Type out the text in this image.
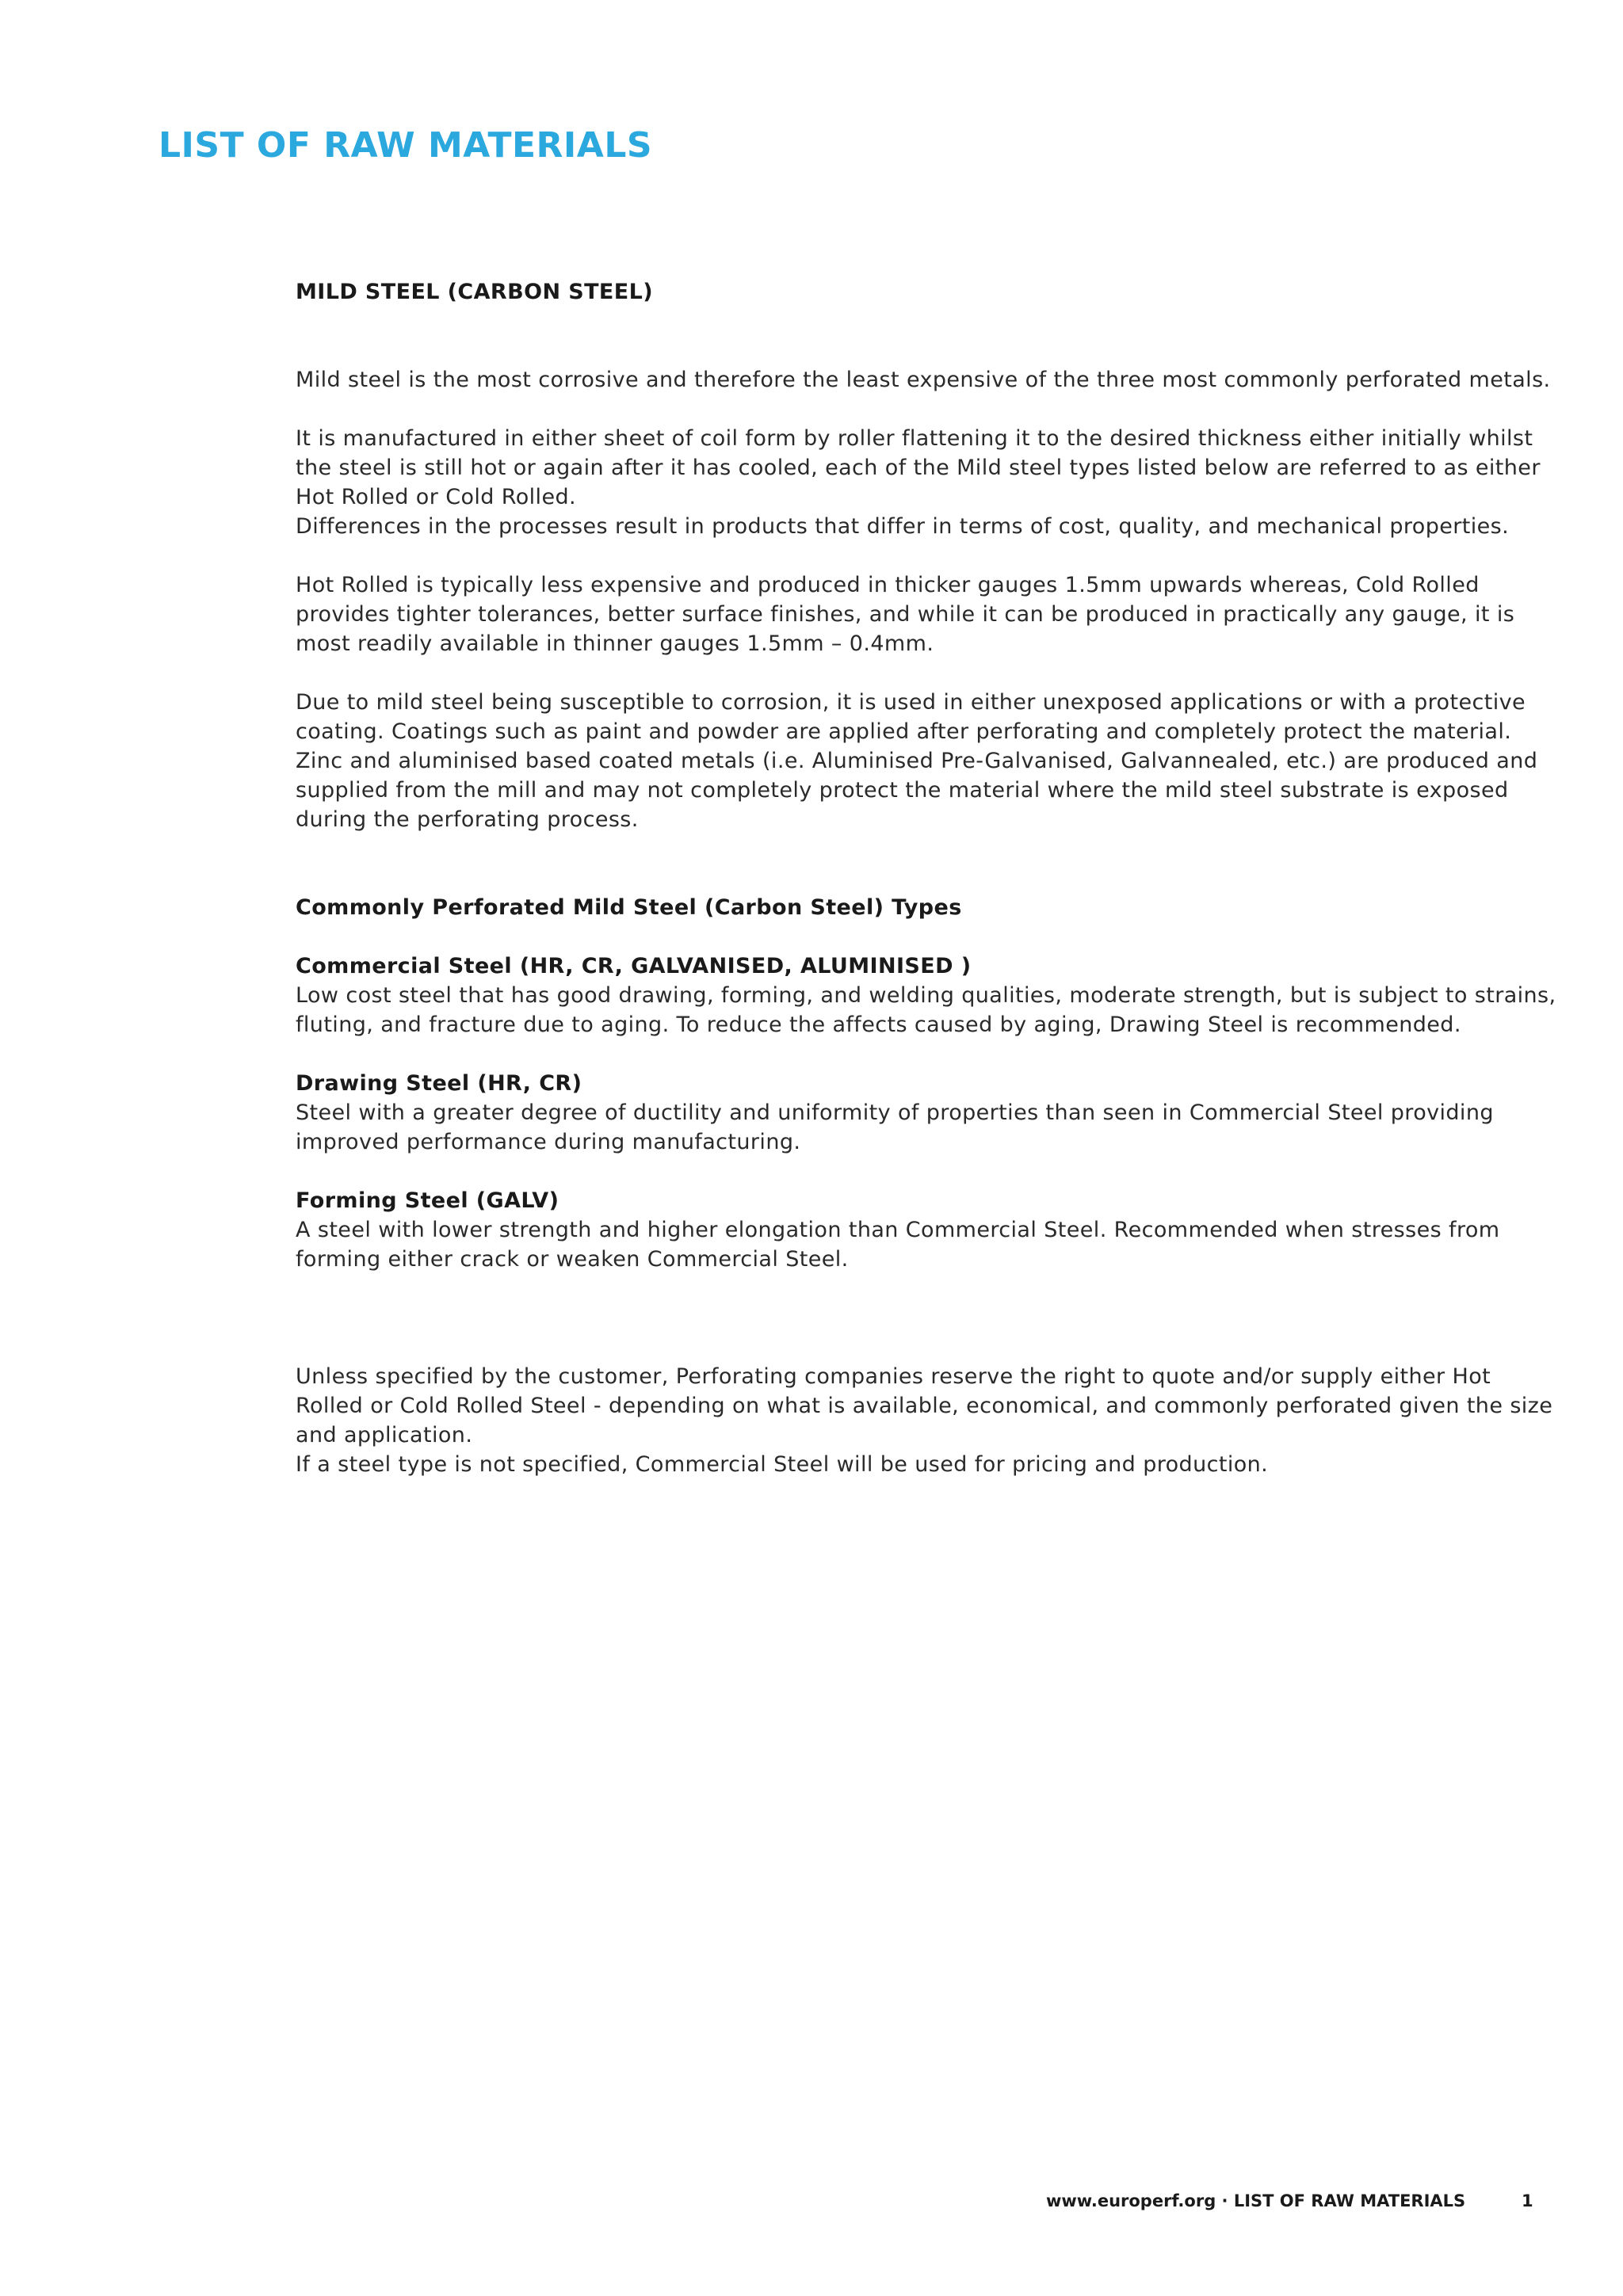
LIST OF RAW MATERIALS

MILD STEEL (CARBON STEEL)

Mild steel is the most corrosive and therefore the least expensive of the three most commonly perforated metals.

It is manufactured in either sheet of coil form by roller flattening it to the desired thickness either initially whilst the steel is still hot or again after it has cooled, each of the Mild steel types listed below are referred to as either Hot Rolled or Cold Rolled.

Differences in the processes result in products that differ in terms of cost, quality, and mechanical properties.

Hot Rolled is typically less expensive and produced in thicker gauges 1.5mm upwards whereas, Cold Rolled provides tighter tolerances, better surface finishes, and while it can be produced in practically any gauge, it is most readily available in thinner gauges 1.5mm – 0.4mm.

Due to mild steel being susceptible to corrosion, it is used in either unexposed applications or with a protective coating. Coatings such as paint and powder are applied after perforating and completely protect the material. Zinc and aluminised based coated metals (i.e. Aluminised Pre-Galvanised, Galvannealed, etc.) are produced and supplied from the mill and may not completely protect the material where the mild steel substrate is exposed during the perforating process.

Commonly Perforated Mild Steel (Carbon Steel) Types

Commercial Steel (HR, CR, GALVANISED, ALUMINISED )

Low cost steel that has good drawing, forming, and welding qualities, moderate strength, but is subject to strains, fluting, and fracture due to aging. To reduce the affects caused by aging, Drawing Steel is recommended.

Drawing Steel (HR, CR)

Steel with a greater degree of ductility and uniformity of properties than seen in Commercial Steel providing improved performance during manufacturing.

Forming Steel (GALV)

A steel with lower strength and higher elongation than Commercial Steel. Recommended when stresses from forming either crack or weaken Commercial Steel.

Unless specified by the customer, Perforating companies reserve the right to quote and/or supply either Hot Rolled or Cold Rolled Steel - depending on what is available, economical, and commonly perforated given the size and application.

If a steel type is not specified, Commercial Steel will be used for pricing and production.

www.europerf.org · LIST OF RAW MATERIALS	1
